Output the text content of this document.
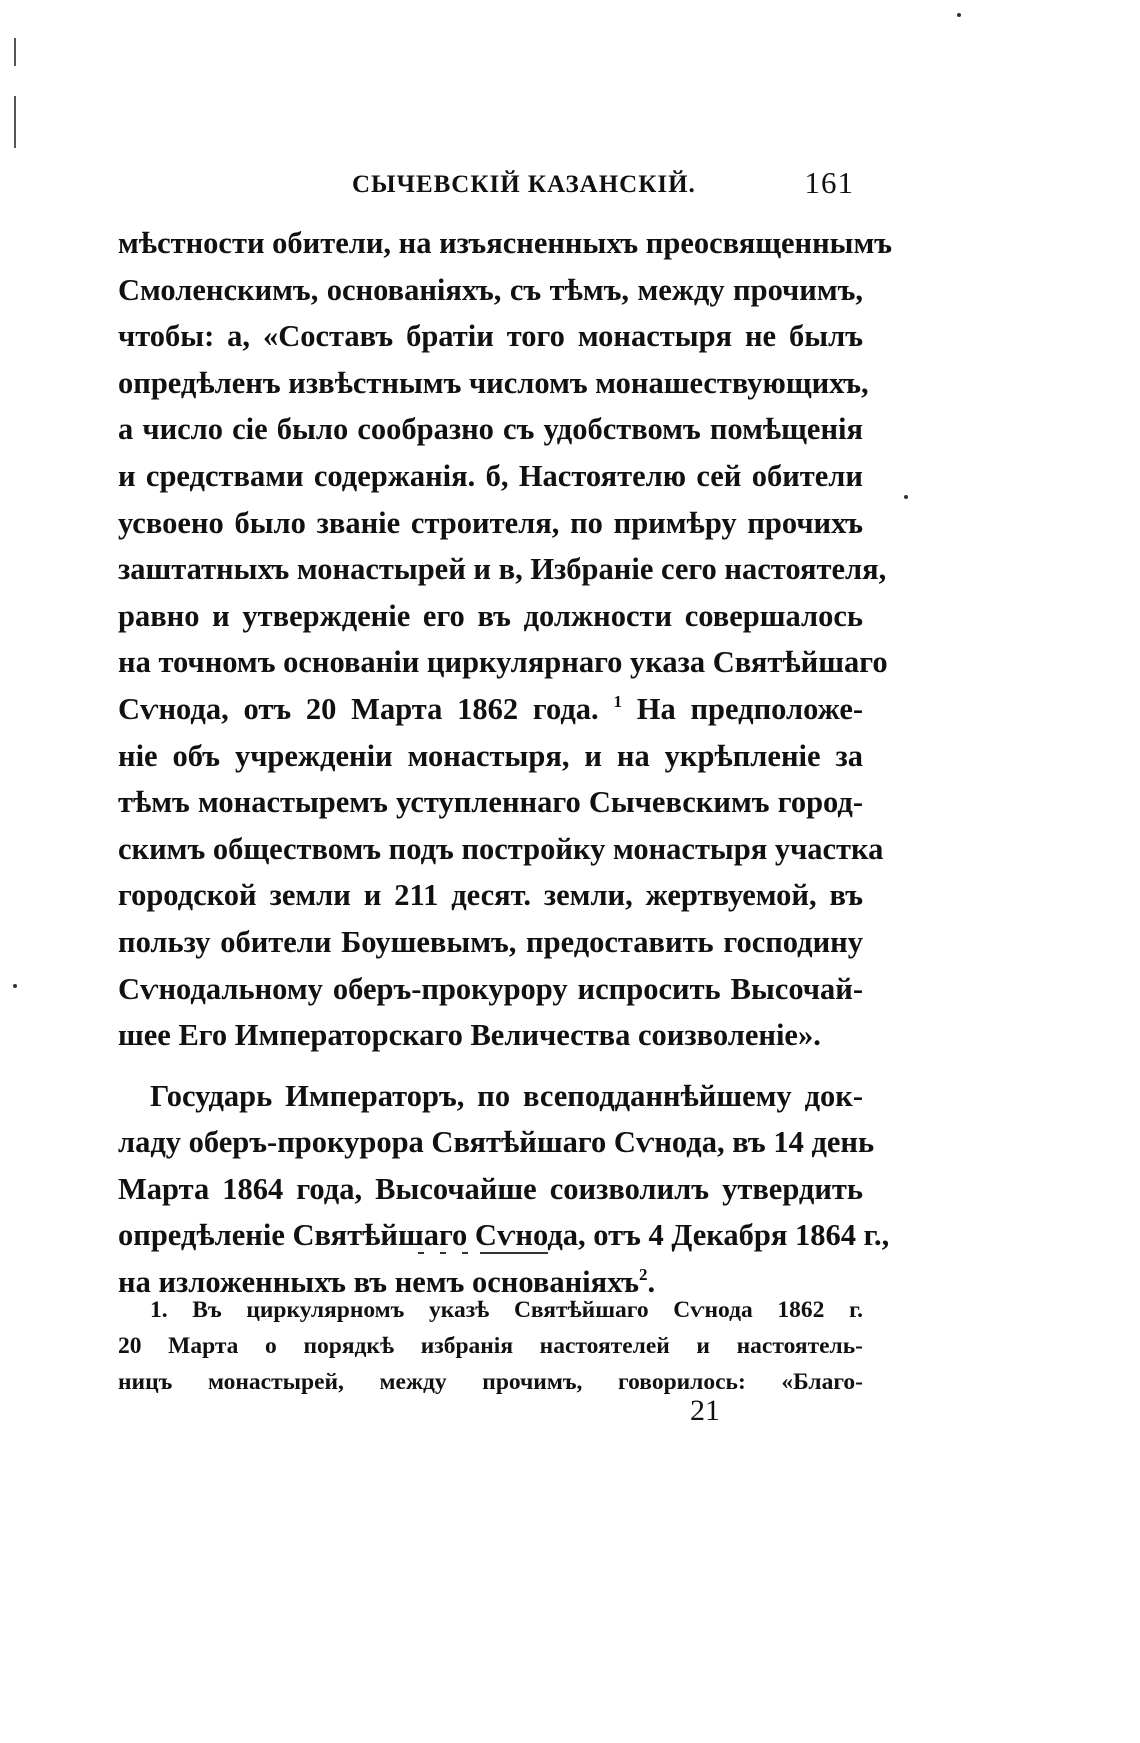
СЫЧЕВСКІЙ КАЗАНСКІЙ.	161

мѣстности обители, на изъясненныхъ преосвященнымъ
Смоленскимъ, основаніяхъ, съ тѣмъ, между прочимъ,
чтобы: а, «Составъ братіи того монастыря не былъ
опредѣленъ извѣстнымъ числомъ монашествующихъ,
а число сіе было сообразно съ удобствомъ помѣщенія
и средствами содержанія. б, Настоятелю сей обители
усвоено было званіе строителя, по примѣру прочихъ
заштатныхъ монастырей и в, Избраніе сего настоятеля,
равно и утвержденіе его въ должности совершалось
на точномъ основаніи циркулярнаго указа Святѣйшаго
Сѵнода, отъ 20 Марта 1862 года. $^1$ На предположе-
ніе объ учрежденіи монастыря, и на укрѣпленіе за
тѣмъ монастыремъ уступленнаго Сычевскимъ город-
скимъ обществомъ подъ постройку монастыря участка
городской земли и 211 десят. земли, жертвуемой, въ
пользу обители Боушевымъ, предоставить господину
Сѵнодальному оберъ-прокурору испросить Высочай-
шее Его Императорскаго Величества соизволеніе».

Государь Императоръ, по всеподданнѣйшему док-
ладу оберъ-прокурора Святѣйшаго Сѵнода, въ 14 день
Марта 1864 года, Высочайше соизволилъ утвердить
опредѣленіе Святѣйшаго Сѵнода, отъ 4 Декабря 1864 г.,
на изложенныхъ въ немъ основаніяхъ$^2$.

1. Въ циркулярномъ указѣ Святѣйшаго Сѵнода 1862 г.
20 Марта о порядкѣ избранія настоятелей и настоятель-
ницъ монастырей, между прочимъ, говорилось: «Благо-
21
